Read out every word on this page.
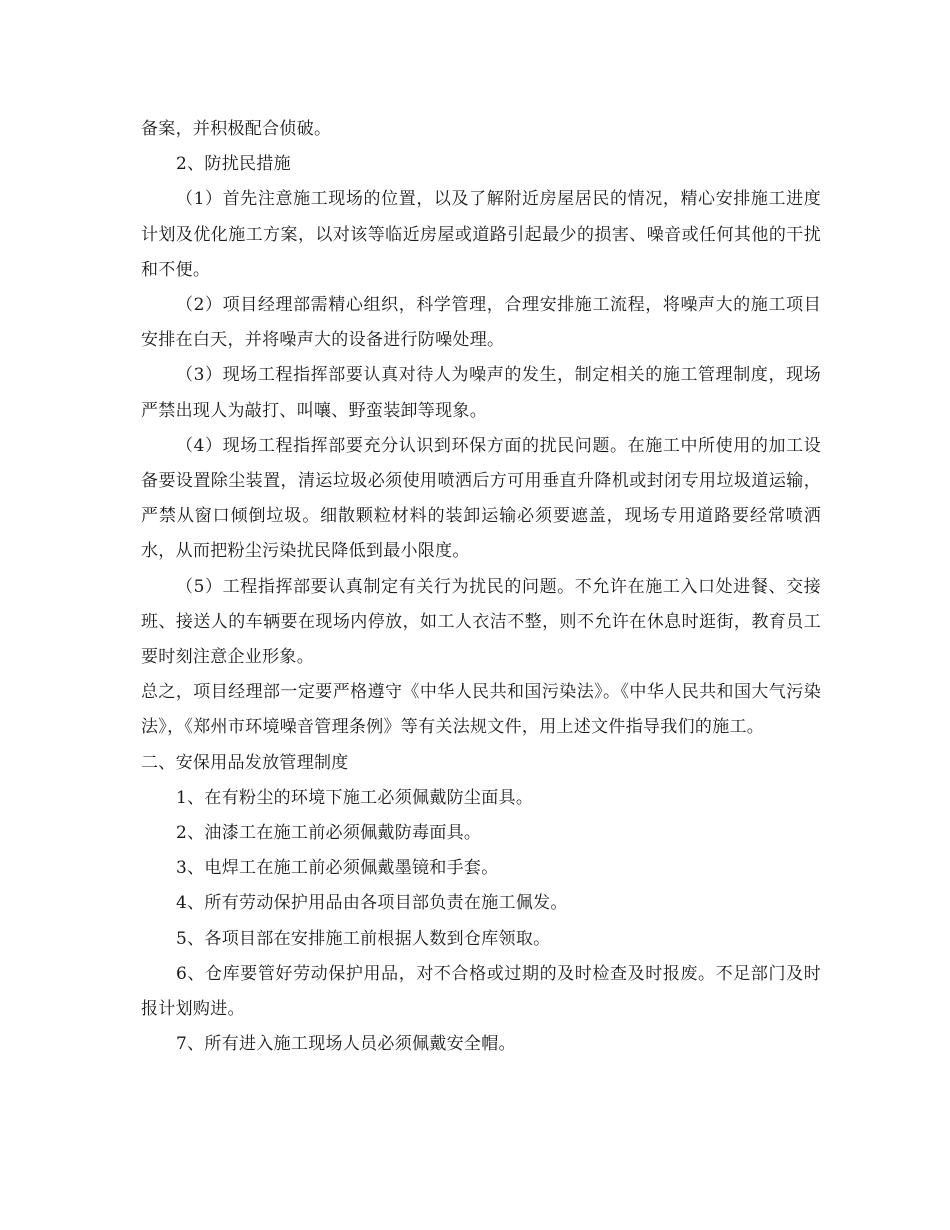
备案，并积极配合侦破。

2、防扰民措施

（1）首先注意施工现场的位置，以及了解附近房屋居民的情况，精心安排施工进度计划及优化施工方案，以对该等临近房屋或道路引起最少的损害、噪音或任何其他的干扰和不便。

（2）项目经理部需精心组织，科学管理，合理安排施工流程，将噪声大的施工项目安排在白天，并将噪声大的设备进行防噪处理。

（3）现场工程指挥部要认真对待人为噪声的发生，制定相关的施工管理制度，现场严禁出现人为敲打、叫嚷、野蛮装卸等现象。

（4）现场工程指挥部要充分认识到环保方面的扰民问题。在施工中所使用的加工设备要设置除尘装置，清运垃圾必须使用喷洒后方可用垂直升降机或封闭专用垃圾道运输，严禁从窗口倾倒垃圾。细散颗粒材料的装卸运输必须要遮盖，现场专用道路要经常喷洒水，从而把粉尘污染扰民降低到最小限度。

（5）工程指挥部要认真制定有关行为扰民的问题。不允许在施工入口处进餐、交接班、接送人的车辆要在现场内停放，如工人衣洁不整，则不允许在休息时逛街，教育员工要时刻注意企业形象。

总之，项目经理部一定要严格遵守《中华人民共和国污染法》。《中华人民共和国大气污染法》，《郑州市环境噪音管理条例》等有关法规文件，用上述文件指导我们的施工。

二、安保用品发放管理制度

1、在有粉尘的环境下施工必须佩戴防尘面具。

2、油漆工在施工前必须佩戴防毒面具。

3、电焊工在施工前必须佩戴墨镜和手套。

4、所有劳动保护用品由各项目部负责在施工佩发。

5、各项目部在安排施工前根据人数到仓库领取。

6、仓库要管好劳动保护用品，对不合格或过期的及时检查及时报废。不足部门及时报计划购进。

7、所有进入施工现场人员必须佩戴安全帽。
